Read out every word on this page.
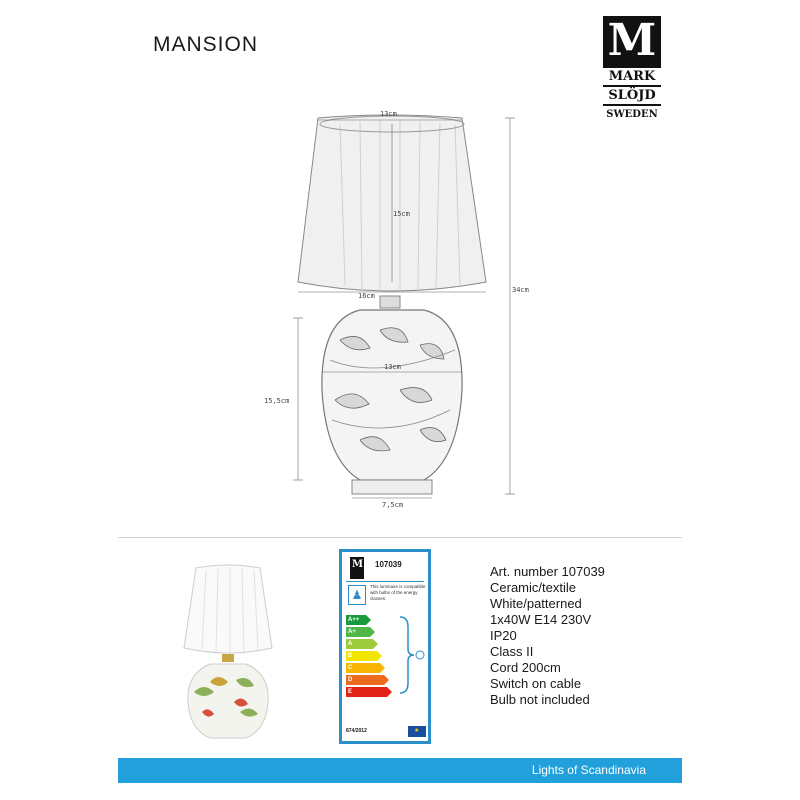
MANSION	M
MARK
SLÖJD
SWEDEN
13cm
15cm
16cm
34cm
13cm
15,5cm
7,5cm
M
107039
♟
This luminaire is compatible with bulbs of the energy classes:
A++
A+
A
B
C
D
E
874/2012
★
Art. number 107039
Ceramic/textile
White/patterned
1x40W E14 230V
IP20
Class II
Cord 200cm
Switch on cable
Bulb not included
Lights of Scandinavia
